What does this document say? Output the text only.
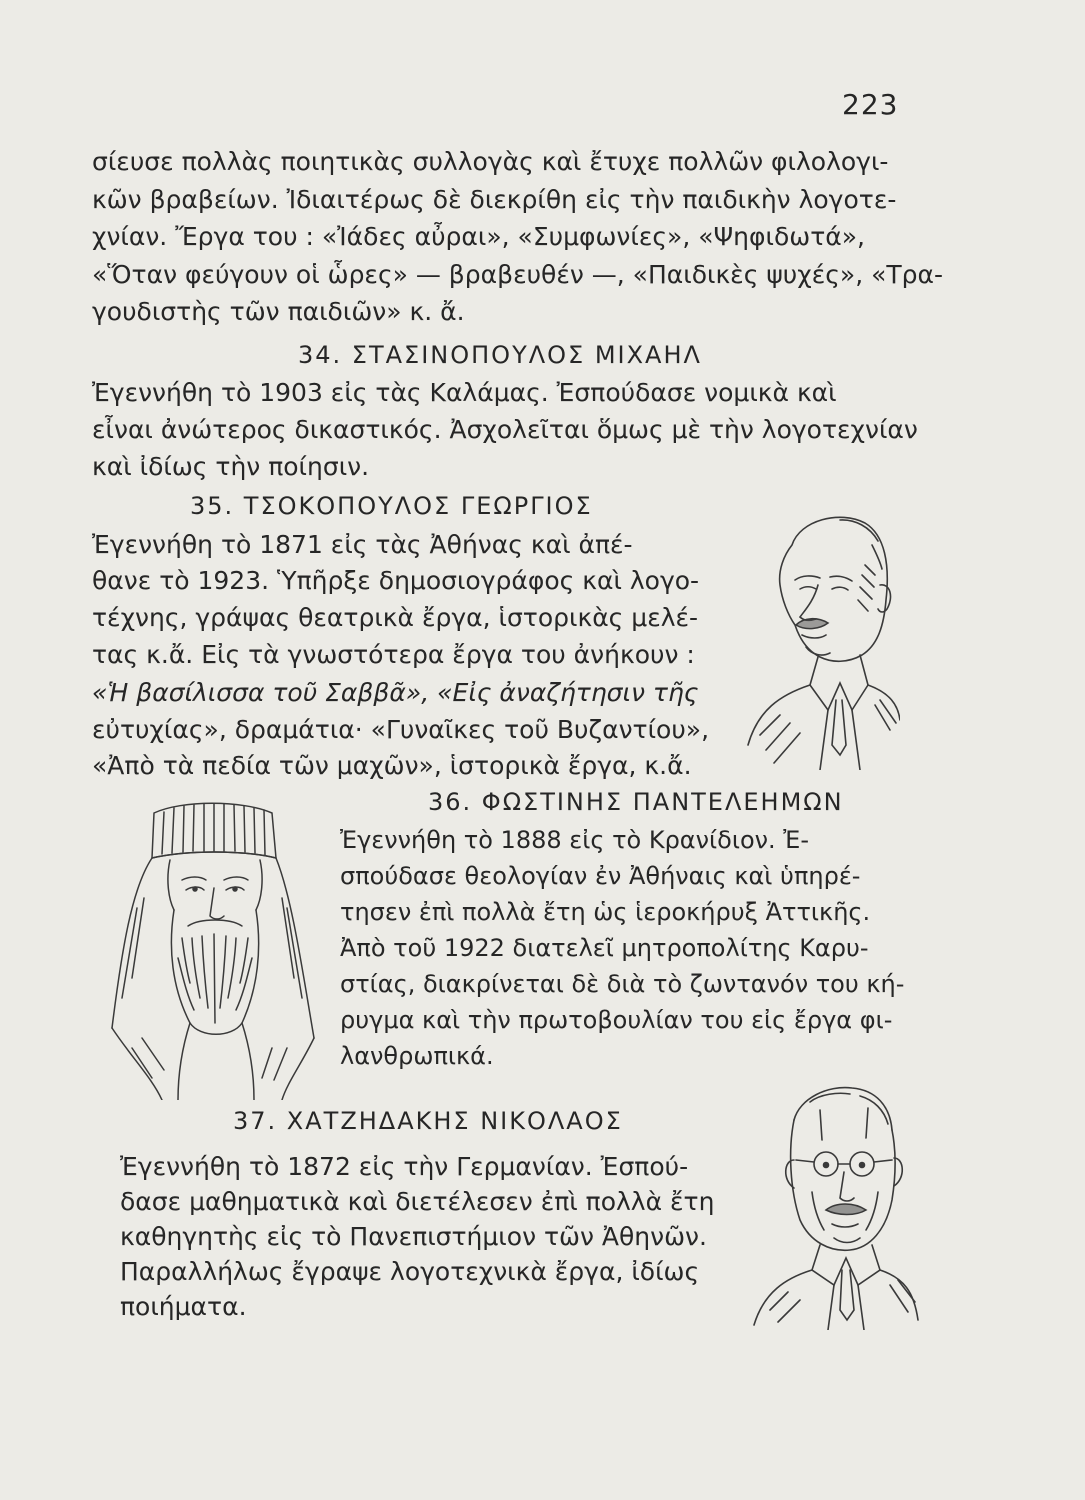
223
σίευσε πολλὰς ποιητικὰς συλλογὰς καὶ ἔτυχε πολλῶν φιλολογι-
κῶν βραβείων. Ἰδιαιτέρως δὲ διεκρίθη εἰς τὴν παιδικὴν λογοτε-
χνίαν. Ἔργα του : «Ἰάδες αὖραι», «Συμφωνίες», «Ψηφιδωτά»,
«Ὅταν φεύγουν οἱ ὧρες» — βραβευθέν —, «Παιδικὲς ψυχές», «Τρα-
γουδιστὴς τῶν παιδιῶν» κ. ἄ.
34. ΣΤΑΣΙΝΟΠΟΥΛΟΣ ΜΙΧΑΗΛ
Ἐγεννήθη τὸ 1903 εἰς τὰς Καλάμας. Ἐσπούδασε νομικὰ καὶ
εἶναι ἀνώτερος δικαστικός. Ἀσχολεῖται ὅμως μὲ τὴν λογοτεχνίαν
καὶ ἰδίως τὴν ποίησιν.
35. ΤΣΟΚΟΠΟΥΛΟΣ ΓΕΩΡΓΙΟΣ
Ἐγεννήθη τὸ 1871 εἰς τὰς Ἀθήνας καὶ ἀπέ-
θανε τὸ 1923. Ὑπῆρξε δημοσιογράφος καὶ λογο-
τέχνης, γράψας θεατρικὰ ἔργα, ἱστορικὰς μελέ-
τας κ.ἄ. Εἰς τὰ γνωστότερα ἔργα του ἀνήκουν :
«Ἡ βασίλισσα τοῦ Σαββᾶ», «Εἰς ἀναζήτησιν τῆς
εὐτυχίας», δραμάτια· «Γυναῖκες τοῦ Βυζαντίου»,
«Ἀπὸ τὰ πεδία τῶν μαχῶν», ἱστορικὰ ἔργα, κ.ἄ.
36. ΦΩΣΤΙΝΗΣ ΠΑΝΤΕΛΕΗΜΩΝ
Ἐγεννήθη τὸ 1888 εἰς τὸ Κρανίδιον. Ἐ-
σπούδασε θεολογίαν ἐν Ἀθήναις καὶ ὑπηρέ-
τησεν ἐπὶ πολλὰ ἔτη ὡς ἱεροκήρυξ Ἀττικῆς.
Ἀπὸ τοῦ 1922 διατελεῖ μητροπολίτης Καρυ-
στίας, διακρίνεται δὲ διὰ τὸ ζωντανόν του κή-
ρυγμα καὶ τὴν πρωτοβουλίαν του εἰς ἔργα φι-
λανθρωπικά.
37. ΧΑΤΖΗΔΑΚΗΣ ΝΙΚΟΛΑΟΣ
Ἐγεννήθη τὸ 1872 εἰς τὴν Γερμανίαν. Ἐσπού-
δασε μαθηματικὰ καὶ διετέλεσεν ἐπὶ πολλὰ ἔτη
καθηγητὴς εἰς τὸ Πανεπιστήμιον τῶν Ἀθηνῶν.
Παραλλήλως ἔγραψε λογοτεχνικὰ ἔργα, ἰδίως
ποιήματα.
